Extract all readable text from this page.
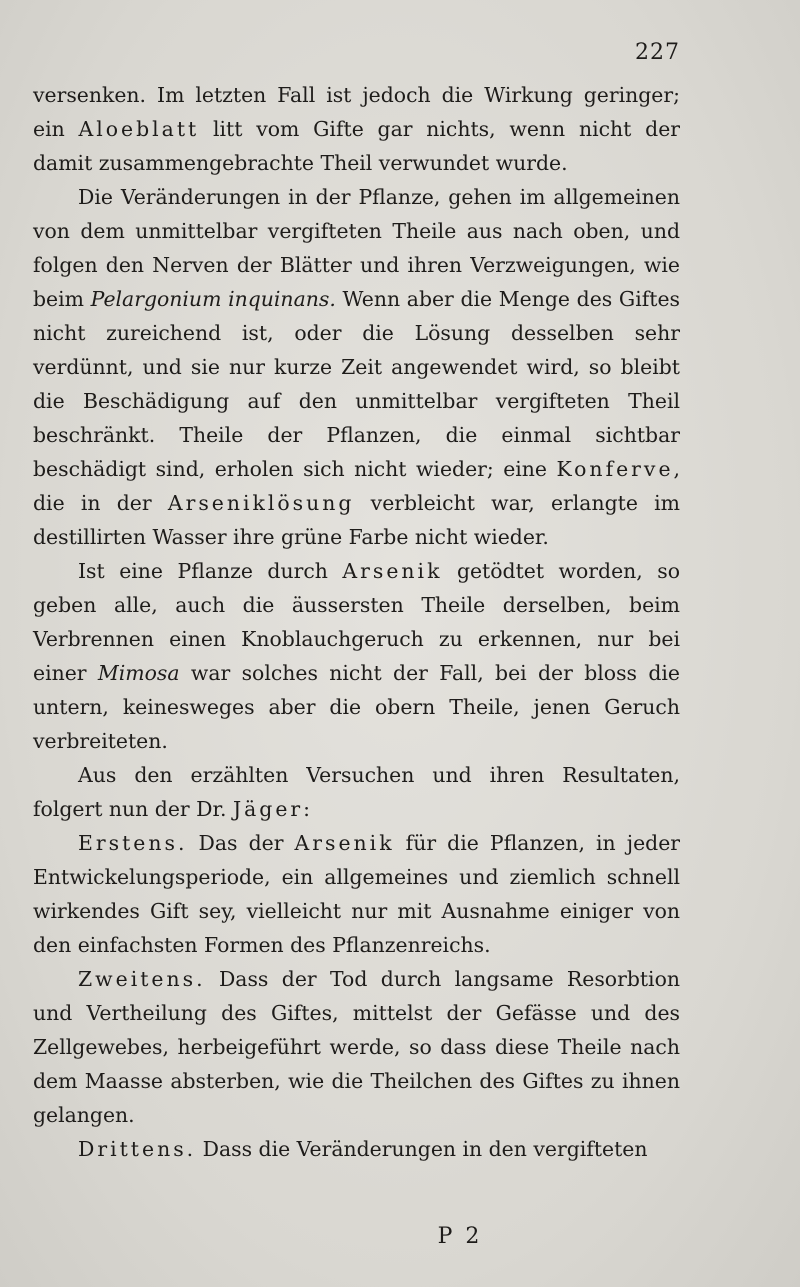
227

versenken. Im letzten Fall ist jedoch die Wirkung geringer; ein Aloeblatt litt vom Gifte gar nichts, wenn nicht der damit zusammengebrachte Theil verwundet wurde.

Die Veränderungen in der Pflanze, gehen im allgemeinen von dem unmittelbar vergifteten Theile aus nach oben, und folgen den Nerven der Blätter und ihren Verzweigungen, wie beim Pelargonium inquinans. Wenn aber die Menge des Giftes nicht zureichend ist, oder die Lösung desselben sehr verdünnt, und sie nur kurze Zeit angewendet wird, so bleibt die Beschädigung auf den unmittelbar vergifteten Theil beschränkt. Theile der Pflanzen, die einmal sichtbar beschädigt sind, erholen sich nicht wieder; eine Konferve, die in der Arseniklösung verbleicht war, erlangte im destillirten Wasser ihre grüne Farbe nicht wieder.

Ist eine Pflanze durch Arsenik getödtet worden, so geben alle, auch die äussersten Theile derselben, beim Verbrennen einen Knoblauchgeruch zu erkennen, nur bei einer Mimosa war solches nicht der Fall, bei der bloss die untern, keinesweges aber die obern Theile, jenen Geruch verbreiteten.

Aus den erzählten Versuchen und ihren Resultaten, folgert nun der Dr. Jäger:

Erstens. Das der Arsenik für die Pflanzen, in jeder Entwickelungsperiode, ein allgemeines und ziemlich schnell wirkendes Gift sey, vielleicht nur mit Ausnahme einiger von den einfachsten Formen des Pflanzenreichs.

Zweitens. Dass der Tod durch langsame Resorbtion und Vertheilung des Giftes, mittelst der Gefässe und des Zellgewebes, herbeigeführt werde, so dass diese Theile nach dem Maasse absterben, wie die Theilchen des Giftes zu ihnen gelangen.

Drittens. Dass die Veränderungen in den vergifteten

P 2
